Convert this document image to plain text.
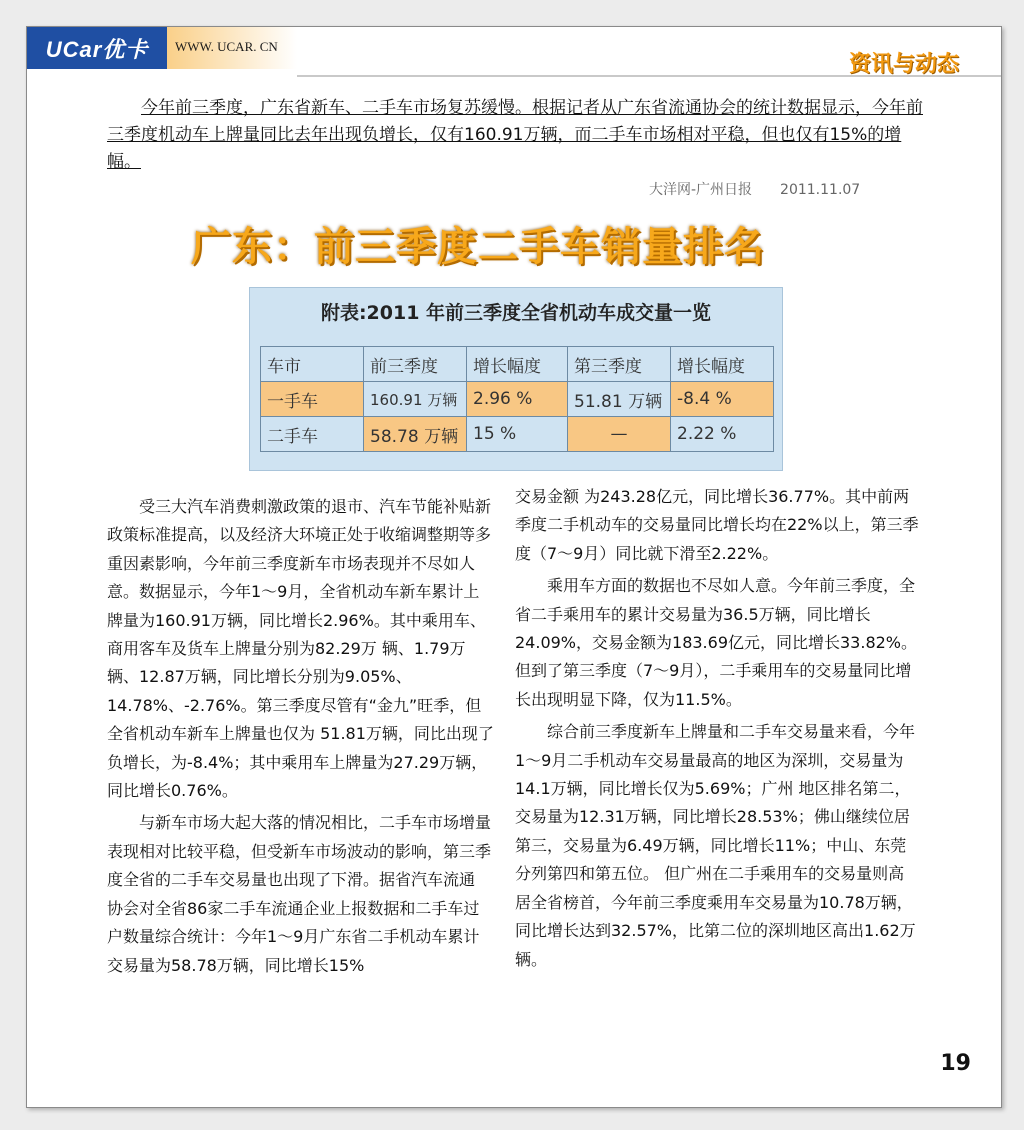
UCar优卡	WWW. UCAR. CN
资讯与动态

今年前三季度，广东省新车、二手车市场复苏缓慢。根据记者从广东省流通协会的统计数据显示，今年前三季度机动车上牌量同比去年出现负增长，仅有160.91万辆，而二手车市场相对平稳，但也仅有15%的增幅。

大洋网-广州日报　　2011.11.07
广东：前三季度二手车销量排名
附表:2011 年前三季度全省机动车成交量一览
车市	前三季度	增长幅度	第三季度	增长幅度
一手车	160.91 万辆	2.96 %	51.81 万辆	-8.4 %
二手车	58.78 万辆	15 %	—	2.22 %

受三大汽车消费刺激政策的退市、汽车节能补贴新政策标准提高，以及经济大环境正处于收缩调整期等多重因素影响，今年前三季度新车市场表现并不尽如人 意。数据显示，今年1～9月，全省机动车新车累计上牌量为160.91万辆，同比增长2.96%。其中乘用车、商用客车及货车上牌量分别为82.29万 辆、1.79万辆、12.87万辆，同比增长分别为9.05%、14.78%、-2.76%。第三季度尽管有“金九”旺季，但全省机动车新车上牌量也仅为 51.81万辆，同比出现了负增长，为-8.4%；其中乘用车上牌量为27.29万辆，同比增长0.76%。

与新车市场大起大落的情况相比，二手车市场增量表现相对比较平稳，但受新车市场波动的影响，第三季度全省的二手车交易量也出现了下滑。据省汽车流通 协会对全省86家二手车流通企业上报数据和二手车过户数量综合统计：今年1～9月广东省二手机动车累计交易量为58.78万辆，同比增长15%

交易金额 为243.28亿元，同比增长36.77%。其中前两季度二手机动车的交易量同比增长均在22%以上，第三季度（7～9月）同比就下滑至2.22%。

乘用车方面的数据也不尽如人意。今年前三季度，全省二手乘用车的累计交易量为36.5万辆，同比增长24.09%，交易金额为183.69亿元，同比增长33.82%。但到了第三季度（7～9月），二手乘用车的交易量同比增长出现明显下降，仅为11.5%。

综合前三季度新车上牌量和二手车交易量来看，今年1～9月二手机动车交易量最高的地区为深圳，交易量为14.1万辆，同比增长仅为5.69%；广州 地区排名第二，交易量为12.31万辆，同比增长28.53%；佛山继续位居第三，交易量为6.49万辆，同比增长11%；中山、东莞分列第四和第五位。 但广州在二手乘用车的交易量则高居全省榜首，今年前三季度乘用车交易量为10.78万辆，同比增长达到32.57%，比第二位的深圳地区高出1.62万 辆。

19
